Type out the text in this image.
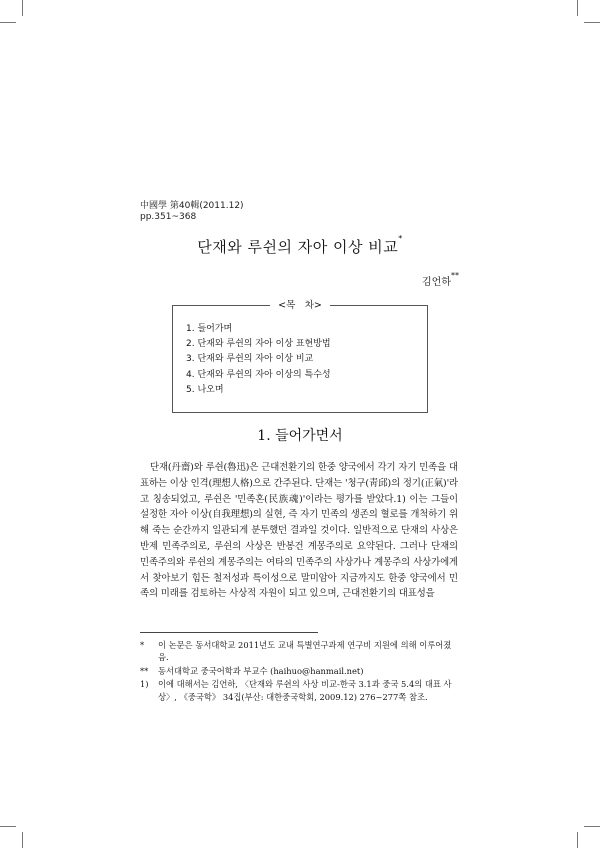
中國學 第40輯(2011.12)
pp.351~368
단재와 루쉰의 자아 이상 비교*
김언하**
<목　차>
1. 들어가며
2. 단재와 루쉰의 자아 이상 표현방법
3. 단재와 루쉰의 자아 이상 비교
4. 단재와 루쉰의 자아 이상의 특수성
5. 나오며
1. 들어가면서

단재(丹齋)와 루쉰(魯迅)은 근대전환기의 한중 양국에서 각기 자기 민족을 대표하는 이상 인격(理想人格)으로 간주된다. 단재는 '청구(靑邱)의 정기(正氣)'라고 칭송되었고, 루쉰은 '민족혼(民族魂)'이라는 평가를 받았다.1) 이는 그들이 설정한 자아 이상(自我理想)의 실현, 즉 자기 민족의 생존의 혈로를 개척하기 위해 죽는 순간까지 일관되게 분투했던 결과일 것이다. 일반적으로 단재의 사상은 반제 민족주의로, 루쉰의 사상은 반봉건 계몽주의로 요약된다. 그러나 단재의 민족주의와 루쉰의 계몽주의는 여타의 민족주의 사상가나 계몽주의 사상가에게서 찾아보기 힘든 철저성과 특이성으로 말미암아 지금까지도 한중 양국에서 민족의 미래를 검토하는 사상적 자원이 되고 있으며, 근대전환기의 대표성을

* 이 논문은 동서대학교 2011년도 교내 특별연구과제 연구비 지원에 의해 이루어졌음.
** 동서대학교 중국어학과 부교수 (haihuo@hanmail.net)
1) 이에 대해서는 김언하, 〈단재와 루쉰의 사상 비교-한국 3.1과 중국 5.4의 대표 사상〉, 《중국학》 34집(부산: 대한중국학회, 2009.12) 276~277쪽 참조.
